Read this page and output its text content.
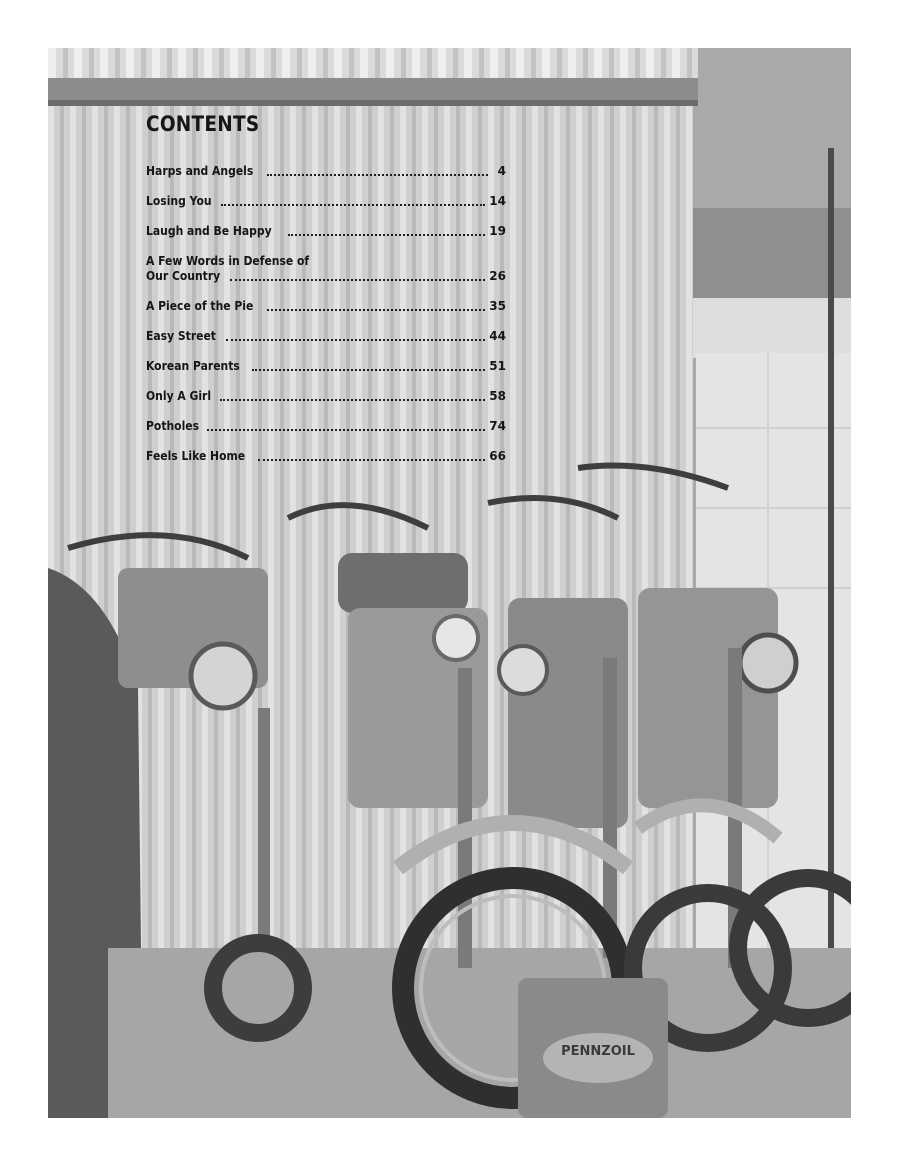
PENNZOIL
CONTENTS
Harps and Angels	4
Losing You	14
Laugh and Be Happy	19
A Few Words in Defense of
Our Country	26
A Piece of the Pie	35
Easy Street	44
Korean Parents	51
Only A Girl	58
Potholes	74
Feels Like Home	66
